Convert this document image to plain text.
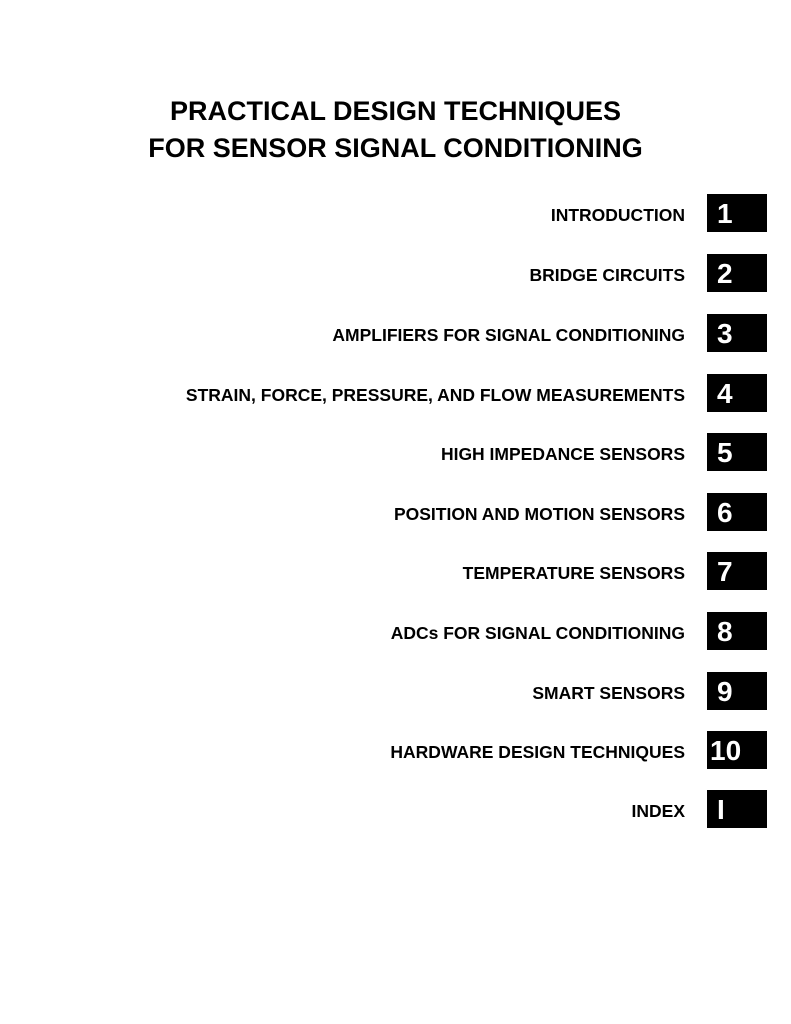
PRACTICAL DESIGN TECHNIQUES
FOR SENSOR SIGNAL CONDITIONING
INTRODUCTION	1
BRIDGE CIRCUITS	2
AMPLIFIERS FOR SIGNAL CONDITIONING	3
STRAIN, FORCE, PRESSURE, AND FLOW MEASUREMENTS	4
HIGH IMPEDANCE SENSORS	5
POSITION AND MOTION SENSORS	6
TEMPERATURE SENSORS	7
ADCs FOR SIGNAL CONDITIONING	8
SMART SENSORS	9
HARDWARE DESIGN TECHNIQUES 10
INDEX	I
